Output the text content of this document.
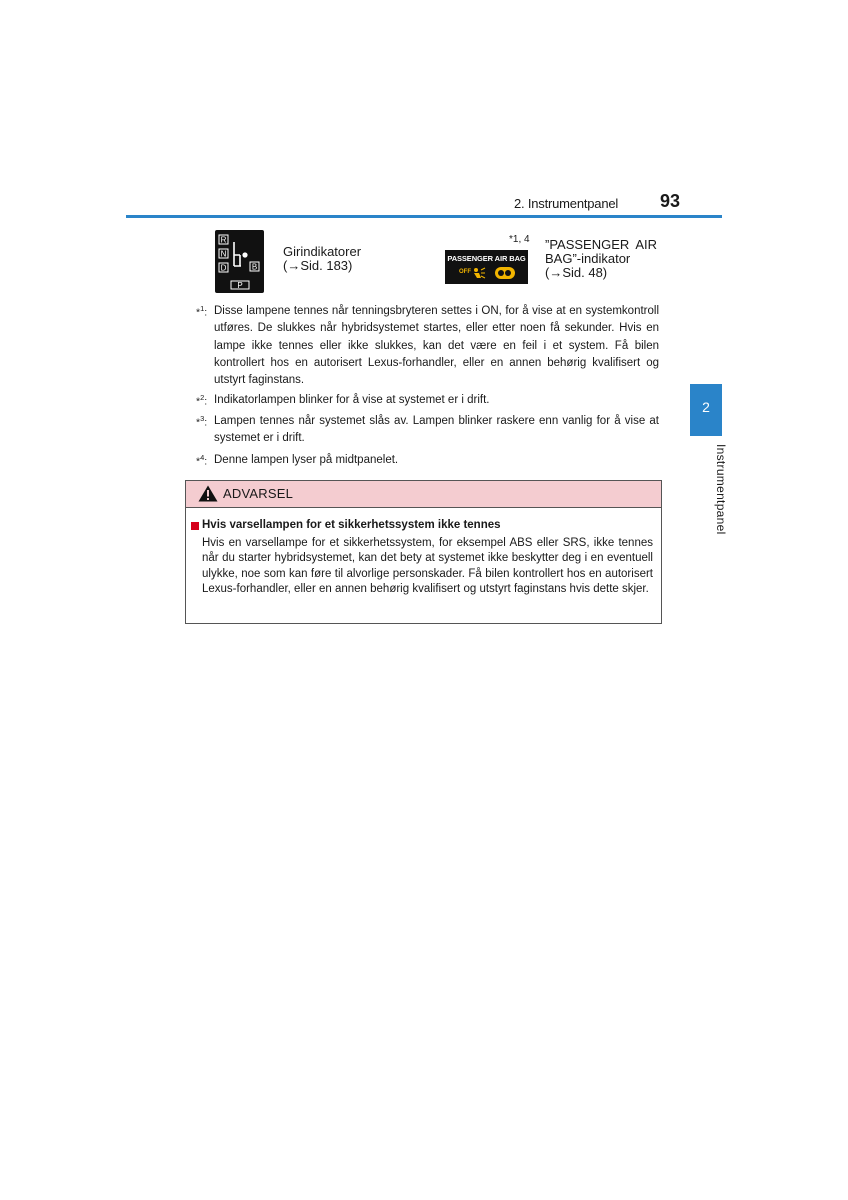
2. Instrumentpanel 93
2
Instrumentpanel
R
N
D	B
P
Girindikatorer
(→Sid. 183)
*1, 4
PASSENGER AIR BAG
OFF
”PASSENGER AIR
BAG”-indikator
(→Sid. 48)
*$^1$: Disse lampene tennes når tenningsbryteren settes i ON, for å vise at en systemkontroll utføres. De slukkes når hybridsystemet startes, eller etter noen få sekunder. Hvis en lampe ikke tennes eller ikke slukkes, kan det være en feil i et system. Få bilen kontrollert hos en autorisert Lexus-forhandler, eller en annen behørig kvalifisert og utstyrt faginstans.
*$^2$: Indikatorlampen blinker for å vise at systemet er i drift.
*$^3$: Lampen tennes når systemet slås av. Lampen blinker raskere enn vanlig for å vise at systemet er i drift.
*$^4$: Denne lampen lyser på midtpanelet.
ADVARSEL
Hvis varsellampen for et sikkerhetssystem ikke tennes
Hvis en varsellampe for et sikkerhetssystem, for eksempel ABS eller SRS, ikke tennes når du starter hybridsystemet, kan det bety at systemet ikke beskytter deg i en eventuell ulykke, noe som kan føre til alvorlige personskader. Få bilen kontrollert hos en autorisert Lexus-forhandler, eller en annen behørig kvalifisert og utstyrt faginstans hvis dette skjer.
